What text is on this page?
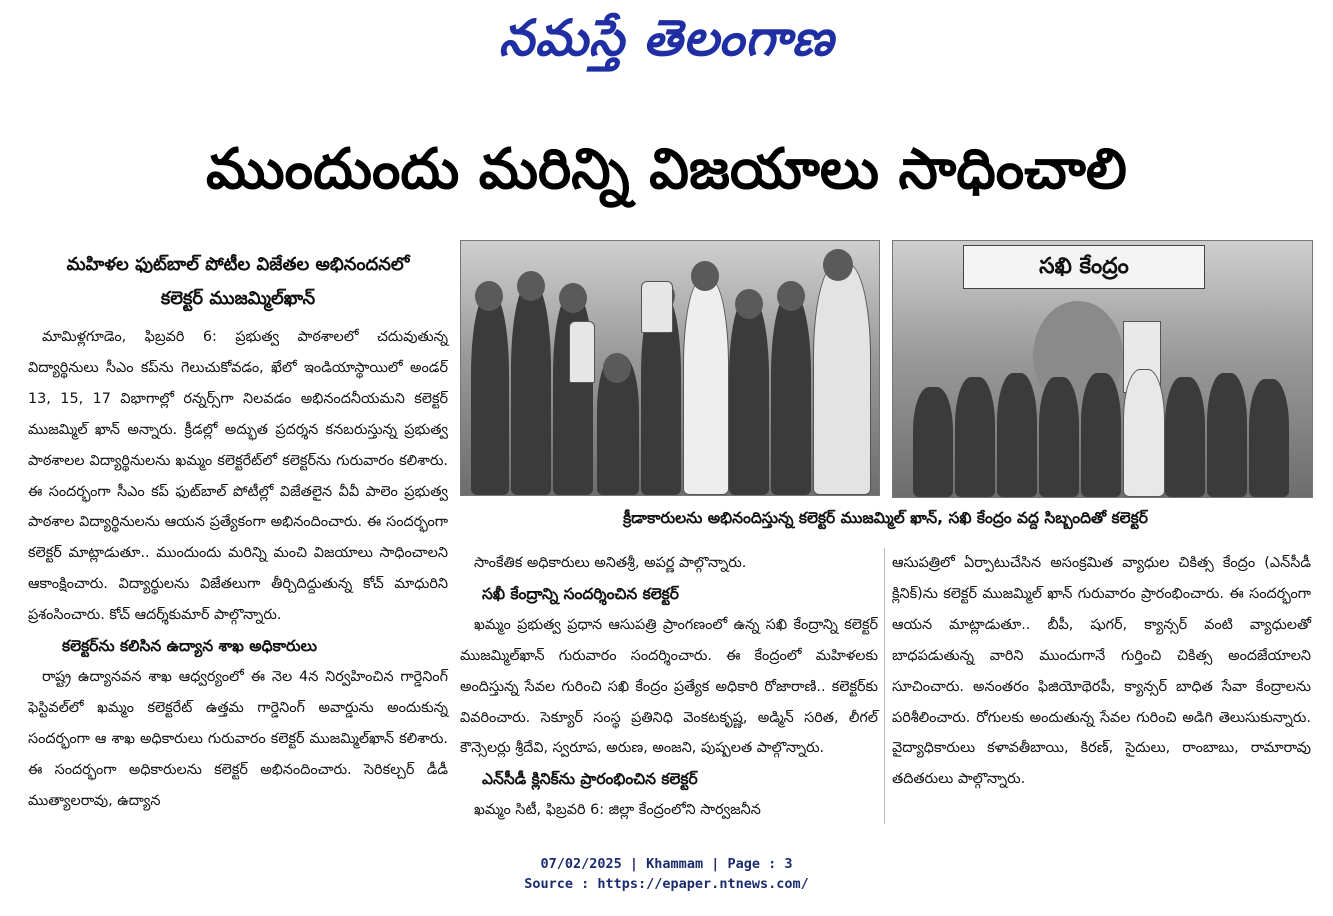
నమస్తే తెలంగాణ
ముందుందు మరిన్ని విజయాలు సాధించాలి
మహిళల ఫుట్‌బాల్ పోటీల విజేతల అభినందనలో
కలెక్టర్ ముజమ్మిల్‌ఖాన్
సఖి కేంద్రం
క్రీడాకారులను అభినందిస్తున్న కలెక్టర్ ముజమ్మిల్ ఖాన్, సఖి కేంద్రం వద్ద సిబ్బందితో కలెక్టర్

మామిళ్లగూడెం, ఫిబ్రవరి 6: ప్రభుత్వ పాఠశాలలో చదువుతున్న విద్యార్థినులు సీఎం కప్‌ను గెలుచుకోవడం, ఖేలో ఇండియాస్థాయిలో అండర్ 13, 15, 17 విభాగాల్లో రన్నర్స్‌గా నిలవడం అభినందనీయమని కలెక్టర్ ముజమ్మిల్ ఖాన్ అన్నారు. క్రీడల్లో అద్భుత ప్రదర్శన కనబరుస్తున్న ప్రభుత్వ పాఠశాలల విద్యార్థినులను ఖమ్మం కలెక్టరేట్‌లో కలెక్టర్‌ను గురువారం కలిశారు. ఈ సందర్భంగా సీఎం కప్ ఫుట్‌బాల్ పోటీల్లో విజేతలైన వీవీ పాలెం ప్రభుత్వ పాఠశాల విద్యార్థినులను ఆయన ప్రత్యేకంగా అభినందించారు. ఈ సందర్భంగా కలెక్టర్ మాట్లాడుతూ.. ముందుందు మరిన్ని మంచి విజయాలు సాధించాలని ఆకాంక్షించారు. విద్యార్థులను విజేతలుగా తీర్చిదిద్దుతున్న కోచ్ మాధురిని ప్రశంసించారు. కోచ్ ఆదర్శ్‌కుమార్ పాల్గొన్నారు.

కలెక్టర్‌ను కలిసిన ఉద్యాన శాఖ అధికారులు

రాష్ట్ర ఉద్యానవన శాఖ ఆధ్వర్యంలో ఈ నెల 4న నిర్వహించిన గార్డెనింగ్ ఫెస్టివల్‌లో ఖమ్మం కలెక్టరేట్ ఉత్తమ గార్డెనింగ్ అవార్డును అందుకున్న సందర్భంగా ఆ శాఖ అధికారులు గురువారం కలెక్టర్ ముజమ్మిల్‌ఖాన్ కలిశారు. ఈ సందర్భంగా అధికారులను కలెక్టర్ అభినందించారు. సెరికల్చర్ డీడీ ముత్యాలరావు, ఉద్యాన

సాంకేతిక అధికారులు అనితశ్రీ, అపర్ణ పాల్గొన్నారు.

సఖీ కేంద్రాన్ని సందర్శించిన కలెక్టర్

ఖమ్మం ప్రభుత్వ ప్రధాన ఆసుపత్రి ప్రాంగణంలో ఉన్న సఖి కేంద్రాన్ని కలెక్టర్ ముజమ్మిల్‌ఖాన్ గురువారం సందర్శించారు. ఈ కేంద్రంలో మహిళలకు అందిస్తున్న సేవల గురించి సఖి కేంద్రం ప్రత్యేక అధికారి రోజారాణి.. కలెక్టర్‌కు వివరించారు. సెక్యూర్ సంస్థ ప్రతినిధి వెంకటకృష్ణ, అడ్మిన్ సరిత, లీగల్ కౌన్సెలర్లు శ్రీదేవి, స్వరూప, అరుణ, అంజని, పుష్పలత పాల్గొన్నారు.

ఎన్‌సీడీ క్లినిక్‌ను ప్రారంభించిన కలెక్టర్

ఖమ్మం సిటీ, ఫిబ్రవరి 6: జిల్లా కేంద్రంలోని సార్వజనీన

ఆసుపత్రిలో ఏర్పాటుచేసిన అసంక్రమిత వ్యాధుల చికిత్స కేంద్రం (ఎన్‌సీడీ క్లినిక్)ను కలెక్టర్ ముజమ్మిల్ ఖాన్ గురువారం ప్రారంభించారు. ఈ సందర్భంగా ఆయన మాట్లాడుతూ.. బీపీ, షుగర్, క్యాన్సర్ వంటి వ్యాధులతో బాధపడుతున్న వారిని ముందుగానే గుర్తించి చికిత్స అందజేయాలని సూచించారు. అనంతరం ఫిజియోథెరపీ, క్యాన్సర్ బాధిత సేవా కేంద్రాలను పరిశీలించారు. రోగులకు అందుతున్న సేవల గురించి అడిగి తెలుసుకున్నారు. వైద్యాధికారులు కళావతీబాయి, కిరణ్, సైదులు, రాంబాబు, రామారావు తదితరులు పాల్గొన్నారు.

07/02/2025 | Khammam | Page : 3
Source : https://epaper.ntnews.com/
